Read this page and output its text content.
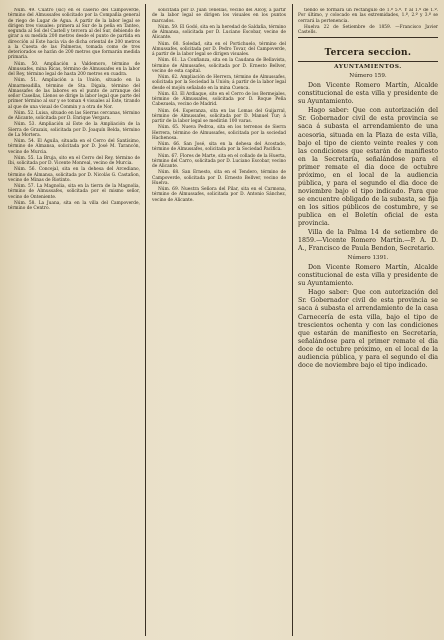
Núm. 49. Cuatro (sic) en el caserio del Campoverde, término del Almussafes solicitado por la Compañía general de riego de Lugar de Agua. Á partir de la labor legal se dirigen tres visuales: primera al Sur de la peña en Tanteo, segunda al Sol del Castell y tercera al del Sur, debiendo de girar a su medida 200 metros desde el punto de partida en dirección al Este hacia vía de dicha oriental de 200 metros a la Cuesta de las Palmeras, tomada como de tres deteriorados se harán de 200 metros que formarán medida primaria.

Núm. 50. Ampliación a Valdemoro, término de Almussafes, mina Ricas, término de Almussafes en la labor del Rey, término legal de hasta 200 metros en cuadra.

Núm. 51. Ampliación a la Unión, situado en la Almarmeadilla, término de Sta. Digala, término del Almassafes de las labores en el punto de arranque del señor Casellas, Llenos se dirige la labor legal que parte del primer término al sur y se toman 4 visuales al Este, tirando al que de una visual de Conmin y a otra de Nor.

Núm. 52. Luisa, situado en las Sierras cercanas, término de Alicante, solicitada por D. Enrique Vergara.

Núm. 53. Ampliación al Este de la Ampliación de la Sierra de Grazaix, solicitada por D. Joaquín Belda, término de La Mortera.

Núm. 54. El Aguila, situada en el Cerro del Santísimo, término de Almansa, solicitada por D. José M. Tarancón, vecino de Murcia.

Núm. 55. La Bruja, sito en el Cerro del Rey, término de Ibi, solicitada por D. Vicente Monreal, vecino de Murcia.

Núm. 56. Concejal, sita en la dehesa del Arcediano, término de Almansa, solicitada por D. Nicolás G. Castañon, vecino de Minas de Riotinto.

Núm. 57. La Magnolia, sita en la tierra de la Magnolia, término de Almussafes, solicitada por el mismo señor, vecino de Onteniente.

Núm. 58. La Juana, sita en la villa del Campoverde, término de Centro.

solicitada por D. Juan Tenellas, vecino del Alcoy, á partir de la labor legal se dirigen los visuales en los puntos marcados.

Núm. 59. El Godó, sita en la heredad de Saldaña, término de Almansa, solicitada por D. Luciano Escobar, vecino de Alicante.

Núm. 60. Soledad, sita en el Portichuelo, término del Almussafes, solicitada por D. Pedro Tovar, del Campoverde, á partir de la labor legal se dirigen visuales.

Núm. 61. La Confianza, sita en la Caudana de Bellavista, término de Almussafes, solicitada por D. Ernesto Bellver, vecino de esta capital.

Núm. 62. Ampliación de Herrera, término de Almussafes, solicitada por la Sociedad la Unión; á partir de la labor legal desde el mojón señalado en la mina Cuenca.

Núm. 63. El Ardiaque, sito en el Cerro de los Bermejales, término de Almussafes, solicitada por D. Roque Peña Cabezuela, vecino de Madrid.

Núm. 64. Esperanza, sita en las Lomas del Guijarral, término de Almussafes, solicitada por D. Manuel Tur; á partir de la labor legal se medirán 100 varas.

Núm. 65. Nueva Pedroa, sita en los terrenos de Sierra Herrera, término de Almussafes, solicitada por la sociedad Hachenosa.

Núm. 66. San José, sita en la dehesa del Acostado, término de Almussafes, solicitada por la Sociedad Pacifica.

Núm. 67. Flores de Marte, sita en el collado de la Huerta, término del Carro, solicitada por D. Luciano Escobar, vecino de Alicante.

Núm. 68. San Ernesto, sita en el Tendero, término de Campoverde, solicitada por D. Ernesto Bellver, vecino de Huelva.

Núm. 69. Nuestra Señora del Pilar, sita en el Carmona, término de Almussafes, solicitada por D. Antonio Sánchez, vecino de Alicante.

tiendo se formará un rectángulo de 1.º 5.º. Y al 1.º de 1.º. Por último, y colocado en las extremidades, 1.º, 2.º y 3.º se cerrará la pertenencia.

Huelva 22 de Setiembre de 1859. —Francisco Javier Castells.

Tercera seccion.
AYUNTAMIENTOS.
Número 159.

Don Vicente Romero Martín, Alcalde constitucional de esta villa y presidente de su Ayuntamiento.

Hago saber: Que con autorización del Sr. Gobernador civil de esta provincia se saca á subasta el arrendamiento de una acesoria, situada en la Plaza de esta villa, bajo el tipo de ciento veinte reales y con las condiciones que estarán de manifiesto en la Secretaría, señalándose para el primer remate el dia doce de octubre próximo, en el local de la audiencia pública, y para el segundo el dia doce de noviembre bajo el tipo indicado. Para que se encuentre obligado de la subasta, se fija en los sitios públicos de costumbre, y se publica en el Boletín oficial de esta provincia.

Villa de la Palma 14 de setiembre de 1859.—Vicente Romero Martín.—P. A. D. A., Francisco de Paula Bendon, Secretario.

Número 1391.

Don Vicente Romero Martín, Alcalde constitucional de esta villa y presidente de su Ayuntamiento.

Hago saber: Que con autorización del Sr. Gobernador civil de esta provincia se saca á subasta el arrendamiento de la casa Carnecería de esta villa, bajo el tipo de trescientos ochenta y con las condiciones que estarán de manifiesto en Secretaría, señalándose para el primer remate el dia doce de octubre próximo, en el local de la audiencia pública, y para el segundo el dia doce de noviembre bajo el tipo indicado.
